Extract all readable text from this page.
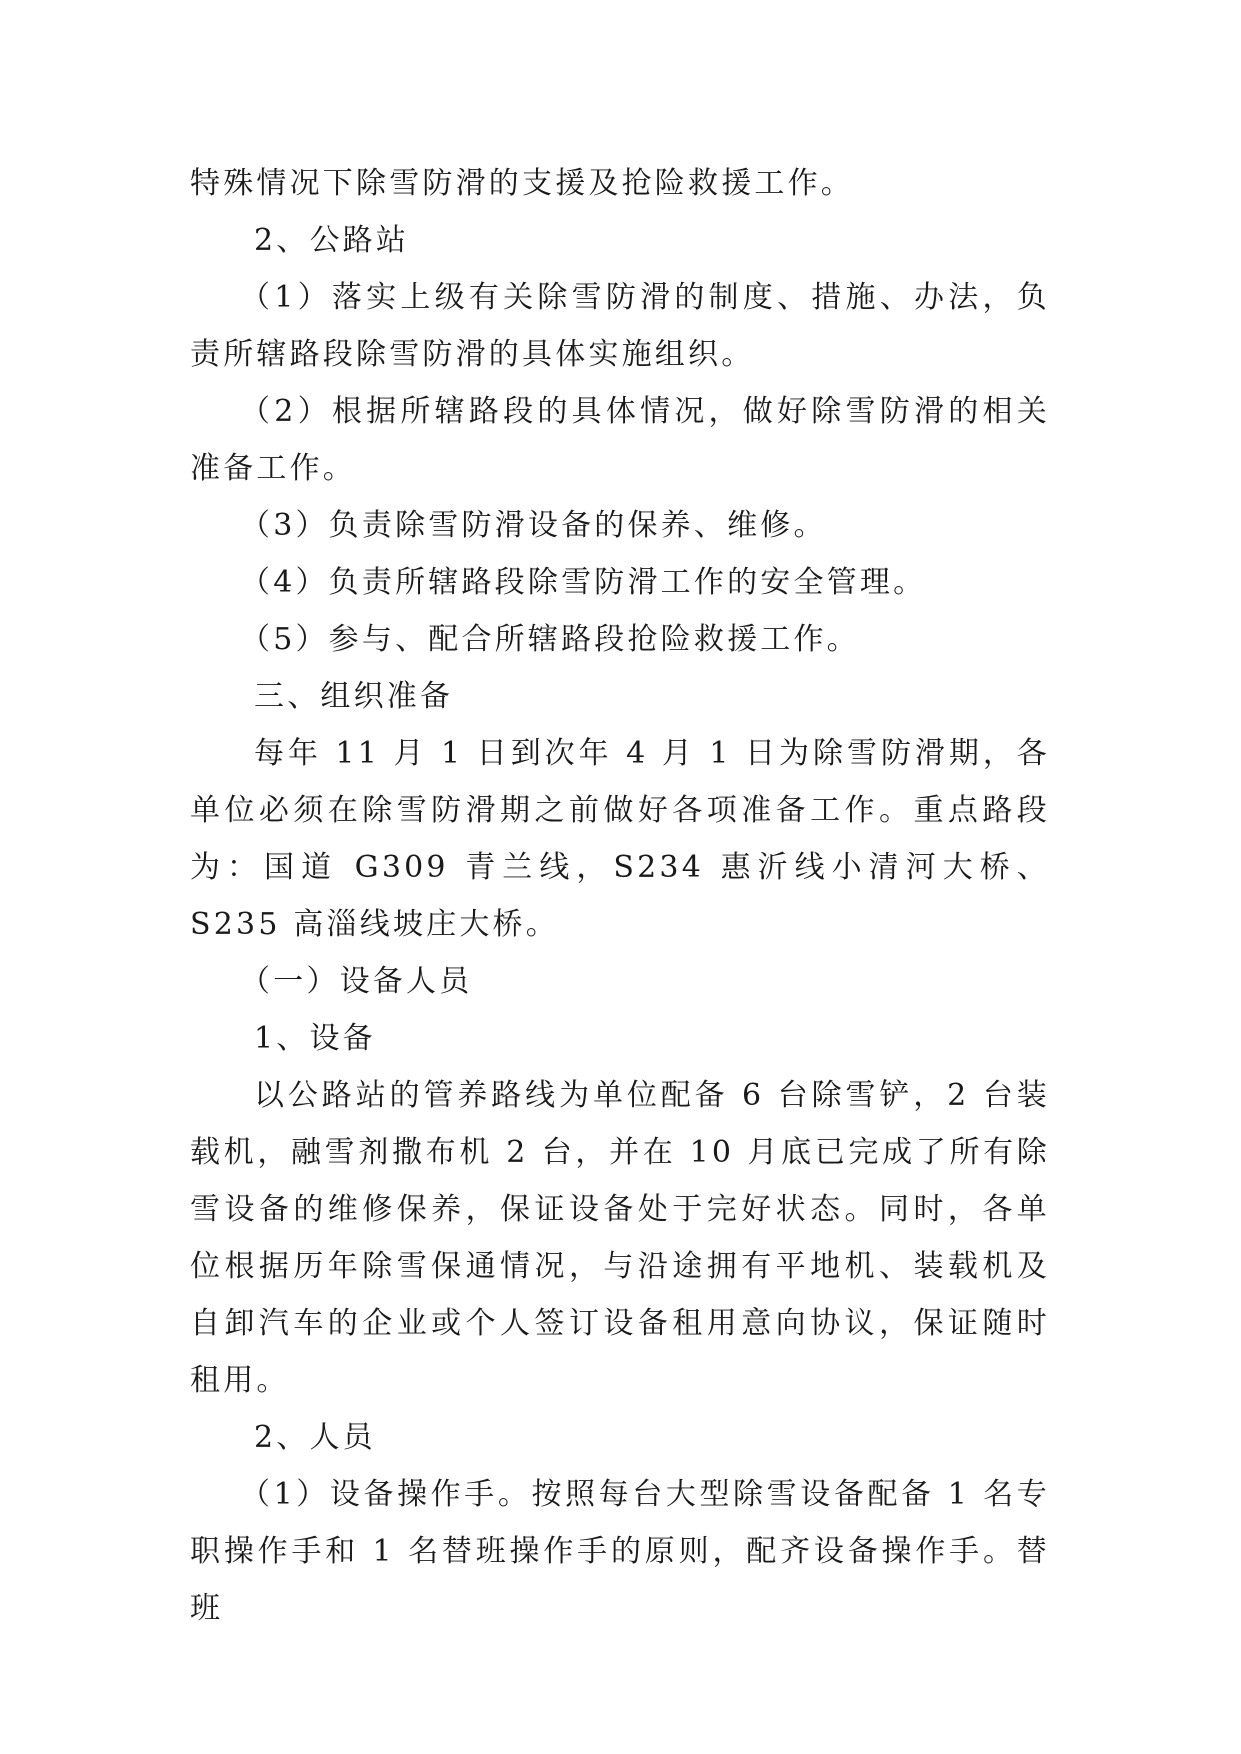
特殊情况下除雪防滑的支援及抢险救援工作。

2、公路站

（1）落实上级有关除雪防滑的制度、措施、办法，负责所辖路段除雪防滑的具体实施组织。

（2）根据所辖路段的具体情况，做好除雪防滑的相关准备工作。

（3）负责除雪防滑设备的保养、维修。

（4）负责所辖路段除雪防滑工作的安全管理。

（5）参与、配合所辖路段抢险救援工作。

三、组织准备

每年 11 月 1 日到次年 4 月 1 日为除雪防滑期，各单位必须在除雪防滑期之前做好各项准备工作。重点路段为：国道 G309 青兰线，S234 惠沂线小清河大桥、S235 高淄线坡庄大桥。

（一）设备人员

1、设备

以公路站的管养路线为单位配备 6 台除雪铲，2 台装载机，融雪剂撒布机 2 台，并在 10 月底已完成了所有除雪设备的维修保养，保证设备处于完好状态。同时，各单位根据历年除雪保通情况，与沿途拥有平地机、装载机及自卸汽车的企业或个人签订设备租用意向协议，保证随时租用。

2、人员

（1）设备操作手。按照每台大型除雪设备配备 1 名专职操作手和 1 名替班操作手的原则，配齐设备操作手。替班
